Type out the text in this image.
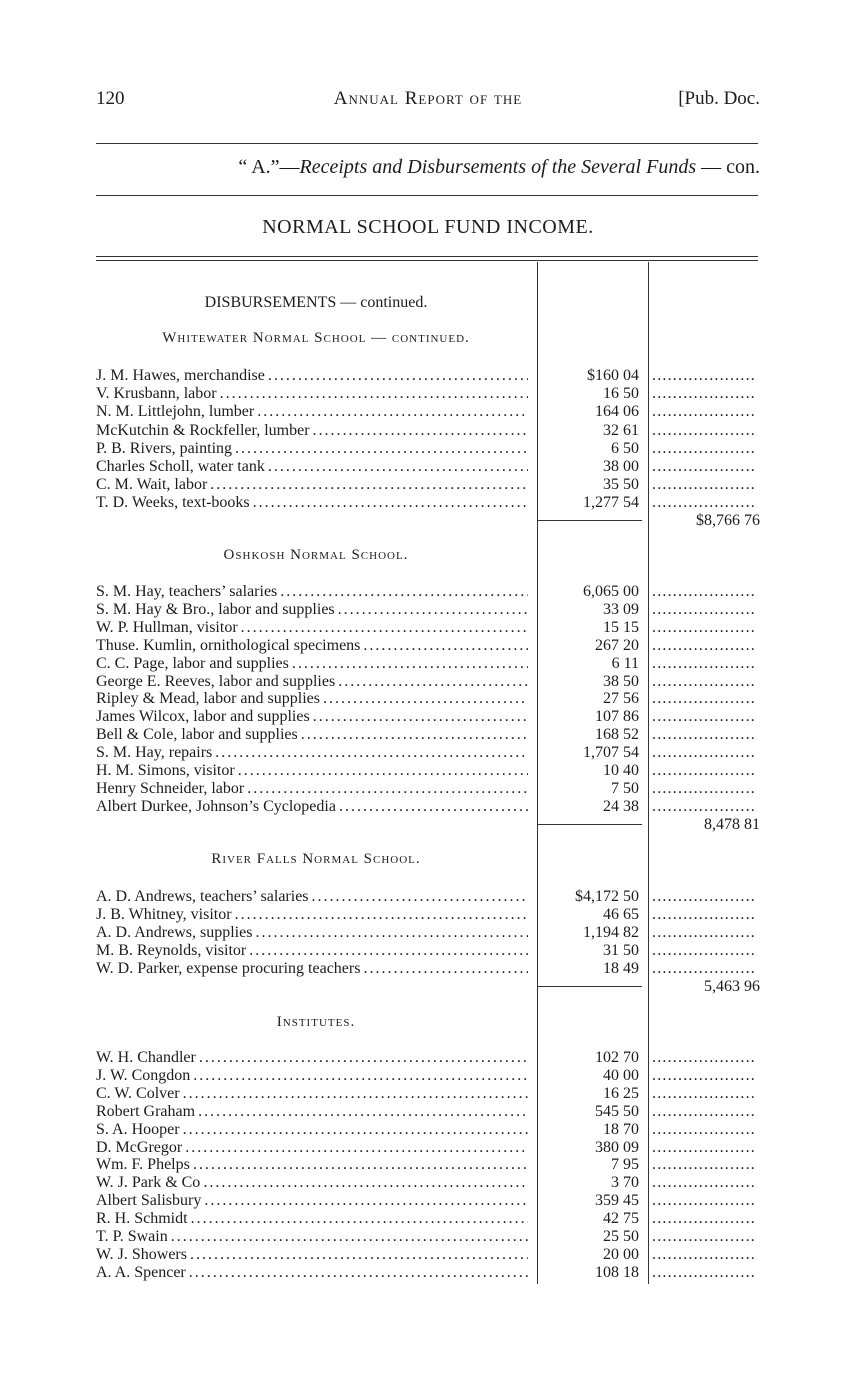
120	Annual Report of the	[Pub. Doc.
“ A.”—Receipts and Disbursements of the Several Funds — con.
NORMAL SCHOOL FUND INCOME.
DISBURSEMENTS — continued.
Whitewater Normal School — continued.
J. M. Hawes, merchandise . . .	$160 04
. . .
V. Krusbann, labor . . .	16 50
. . .
N. M. Littlejohn, lumber . . .	164 06
. . .
McKutchin & Rockfeller, lumber . . .	32 61
. . .
P. B. Rivers, painting . . .	6 50
. . .
Charles Scholl, water tank . . .	38 00
. . .
C. M. Wait, labor . . .	35 50
. . .
T. D. Weeks, text-books . . .	1,277 54
. . .
$8,766 76
Oshkosh Normal School.
S. M. Hay, teachers’ salaries . . .	6,065 00
. . .
S. M. Hay & Bro., labor and supplies . . .	33 09
. . .
W. P. Hullman, visitor . . .	15 15
. . .
Thuse. Kumlin, ornithological specimens . . .	267 20
. . .
C. C. Page, labor and supplies . . .	6 11
. . .
George E. Reeves, labor and supplies . . .	38 50
. . .
Ripley & Mead, labor and supplies . . .	27 56
. . .
James Wilcox, labor and supplies . . .	107 86
. . .
Bell & Cole, labor and supplies . . .	168 52
. . .
S. M. Hay, repairs . . .	1,707 54
. . .
H. M. Simons, visitor . . .	10 40
. . .
Henry Schneider, labor . . .	7 50
. . .
Albert Durkee, Johnson’s Cyclopedia . . .	24 38
. . .
8,478 81
River Falls Normal School.
A. D. Andrews, teachers’ salaries . . .	$4,172 50
. . .
J. B. Whitney, visitor . . .	46 65
. . .
A. D. Andrews, supplies . . .	1,194 82
. . .
M. B. Reynolds, visitor . . .	31 50
. . .
W. D. Parker, expense procuring teachers . . .	18 49
. . .
5,463 96
Institutes.
W. H. Chandler . . .	102 70
. . .
J. W. Congdon . . .	40 00
. . .
C. W. Colver . . .	16 25
. . .
Robert Graham . . .	545 50
. . .
S. A. Hooper . . .	18 70
. . .
D. McGregor . . .	380 09
. . .
Wm. F. Phelps . . .	7 95
. . .
W. J. Park & Co . . .	3 70
. . .
Albert Salisbury . . .	359 45
. . .
R. H. Schmidt . . .	42 75
. . .
T. P. Swain . . .	25 50
. . .
W. J. Showers . . .	20 00
. . .
A. A. Spencer . . .	108 18
. . .
